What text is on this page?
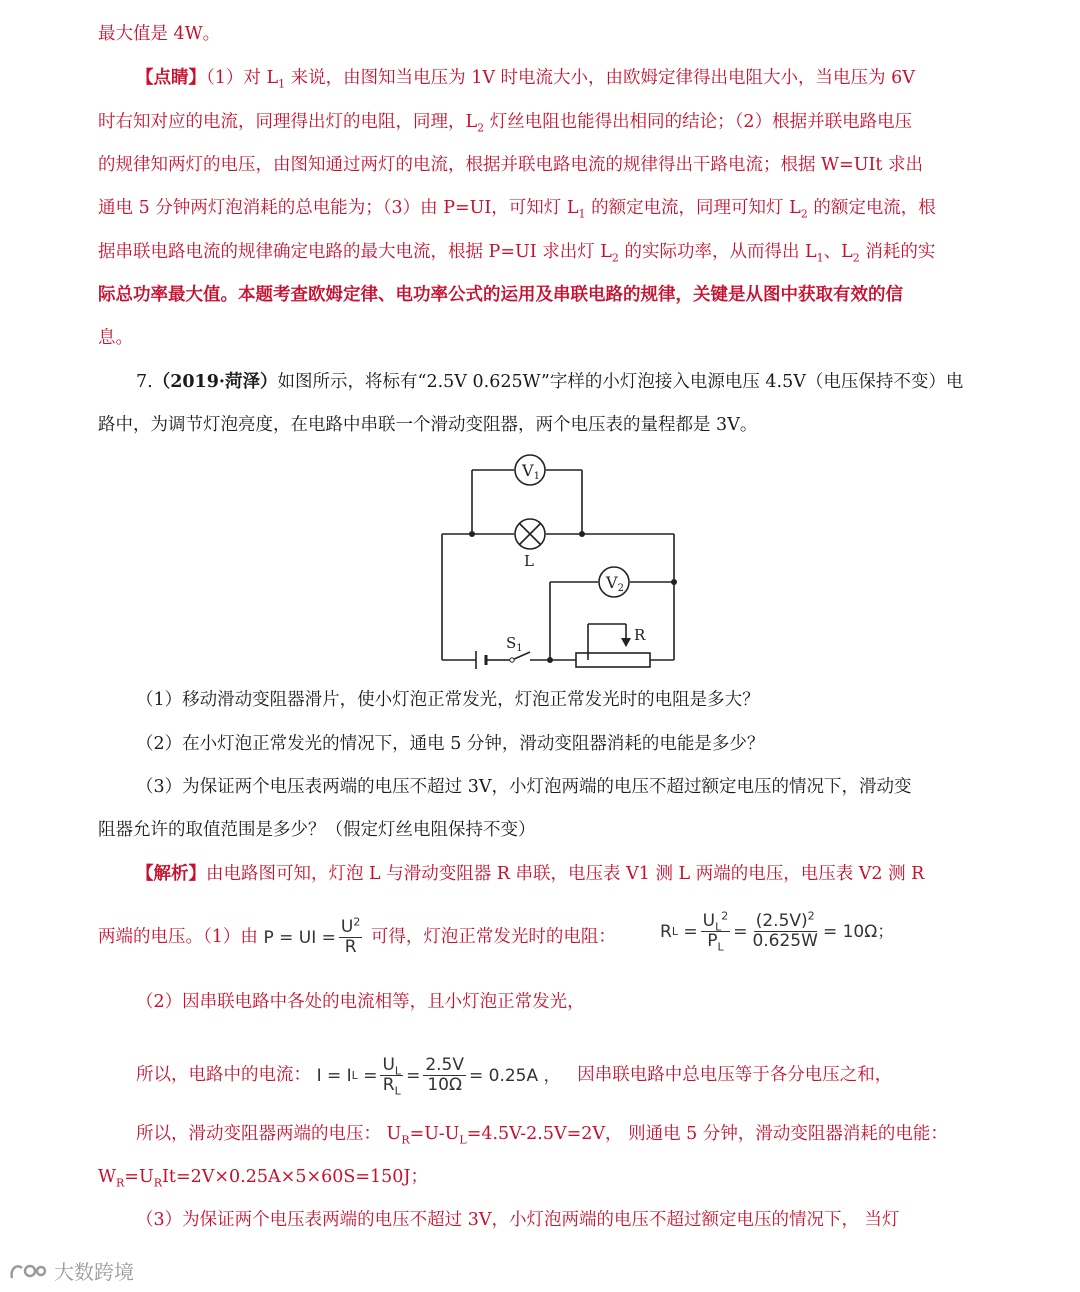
最大值是 4W。
【点睛】（1）对 $L_1$ 来说，由图知当电压为 1V 时电流大小，由欧姆定律得出电阻大小，当电压为 6V
时右知对应的电流，同理得出灯的电阻，同理，$L_2$ 灯丝电阻也能得出相同的结论；（2）根据并联电路电压
的规律知两灯的电压，由图知通过两灯的电流，根据并联电路电流的规律得出干路电流；根据 W=UIt 求出
通电 5 分钟两灯泡消耗的总电能为；（3）由 P=UI，可知灯 $L_1$ 的额定电流，同理可知灯 $L_2$ 的额定电流，根
据串联电路电流的规律确定电路的最大电流，根据 P=UI 求出灯 $L_2$ 的实际功率，从而得出 $L_1$、$L_2$ 消耗的实
际总功率最大值。本题考查欧姆定律、电功率公式的运用及串联电路的规律，关键是从图中获取有效的信
息。
7.（2019·菏泽）如图所示，将标有“2.5V 0.625W”字样的小灯泡接入电源电压 4.5V（电压保持不变）电
路中，为调节灯泡亮度，在电路中串联一个滑动变阻器，两个电压表的量程都是 3V。
V1
V2
L
$S_1$
R
（1）移动滑动变阻器滑片，使小灯泡正常发光，灯泡正常发光时的电阻是多大？
（2）在小灯泡正常发光的情况下，通电 5 分钟，滑动变阻器消耗的电能是多少？
（3）为保证两个电压表两端的电压不超过 3V，小灯泡两端的电压不超过额定电压的情况下，滑动变
阻器允许的取值范围是多少？（假定灯丝电阻保持不变）
【解析】由电路图可知，灯泡 L 与滑动变阻器 R 串联，电压表 V1 测 L 两端的电压，电压表 V2 测 R
两端的电压。（1）由 P = UI = $\frac{U^2}{R}$ 可得，灯泡正常发光时的电阻：	R L
= $\frac{U_L^2}{P_L} = \frac{(2.5V)^2}{0.625W} = 10\Omega$；
（2）因串联电路中各处的电流相等，且小灯泡正常发光，
所以，电路中的电流： I = I $L = \frac{U_L}{R_L} = \frac{2.5V}{10\Omega} = 0.25A$ ， 因串联电路中总电压等于各分电压之和，
所以，滑动变阻器两端的电压： $U_R=U-U_L=4.5V-2.5V=2V$， 则通电 5 分钟，滑动变阻器消耗的电能：
$W_R=U_RIt=2V\times 0.25A\times 5\times 60S=150J$；
（3）为保证两个电压表两端的电压不超过 3V，小灯泡两端的电压不超过额定电压的情况下， 当灯
大数跨境
